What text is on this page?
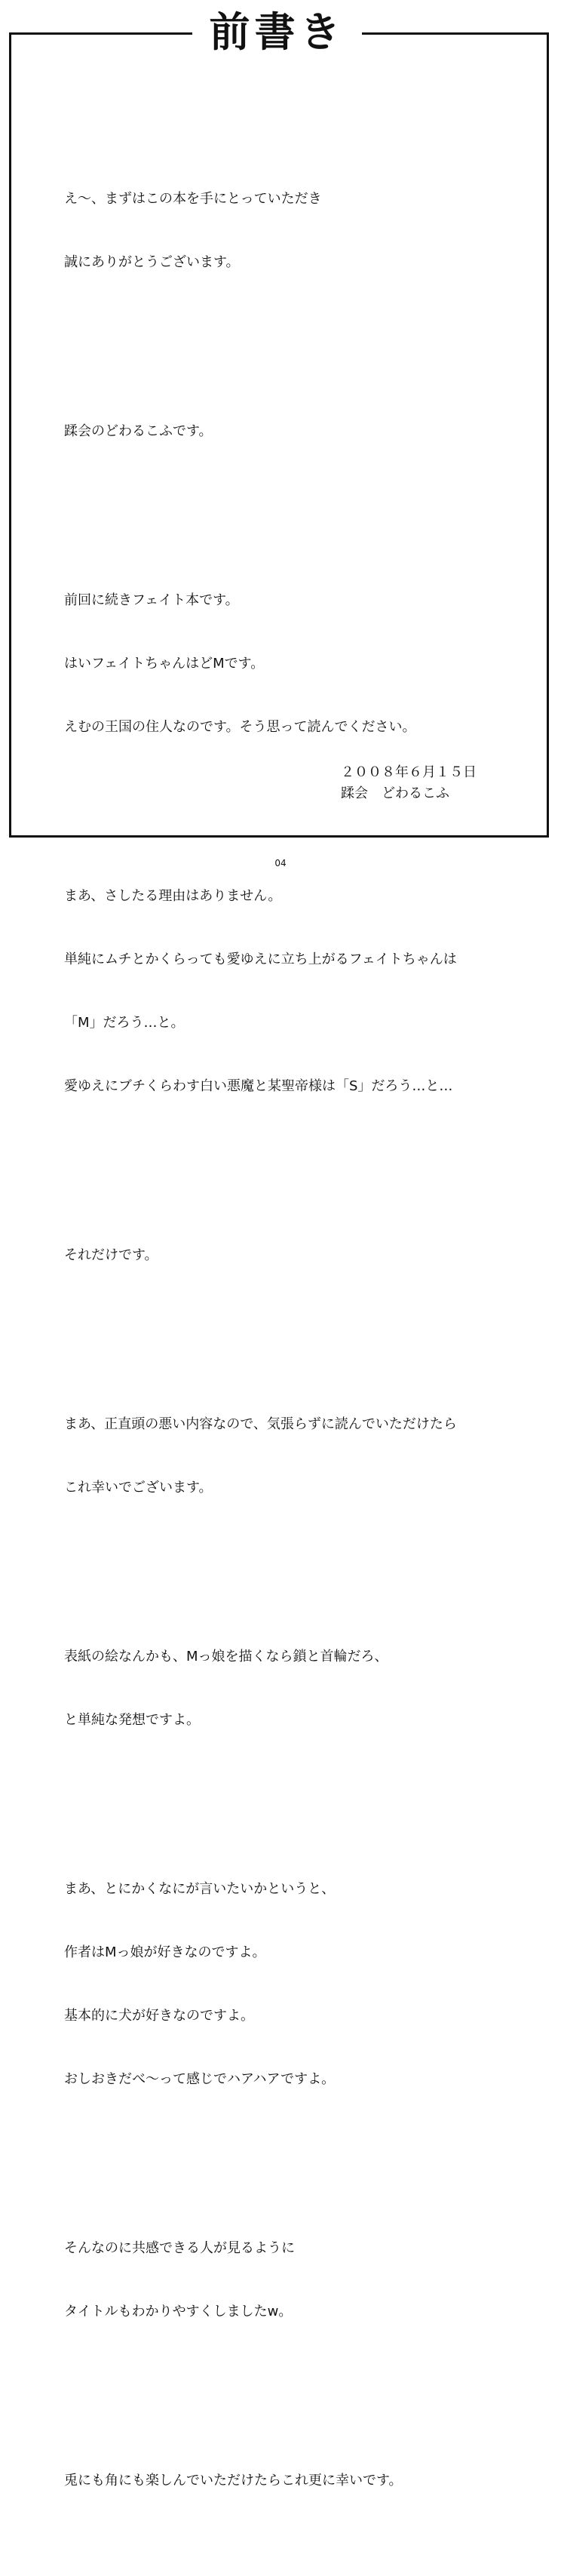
前書き

え～、まずはこの本を手にとっていただき

誠にありがとうございます。

蹂会のどわるこふです。

前回に続きフェイト本です。

はいフェイトちゃんはどMです。

えむの王国の住人なのです。そう思って読んでください。

まあ、さしたる理由はありません。

単純にムチとかくらっても愛ゆえに立ち上がるフェイトちゃんは

「M」だろう…と。

愛ゆえにブチくらわす白い悪魔と某聖帝様は「S」だろう…と…

それだけです。

まあ、正直頭の悪い内容なので、気張らずに読んでいただけたら

これ幸いでございます。

表紙の絵なんかも、Mっ娘を描くなら鎖と首輪だろ、

と単純な発想ですよ。

まあ、とにかくなにが言いたいかというと、

作者はMっ娘が好きなのですよ。

基本的に犬が好きなのですよ。

おしおきだべ～って感じでハアハアですよ。

そんなのに共感できる人が見るように

タイトルもわかりやすくしましたw。

兎にも角にも楽しんでいただけたらこれ更に幸いです。

２００８年６月１５日
蹂会　どわるこふ
04
